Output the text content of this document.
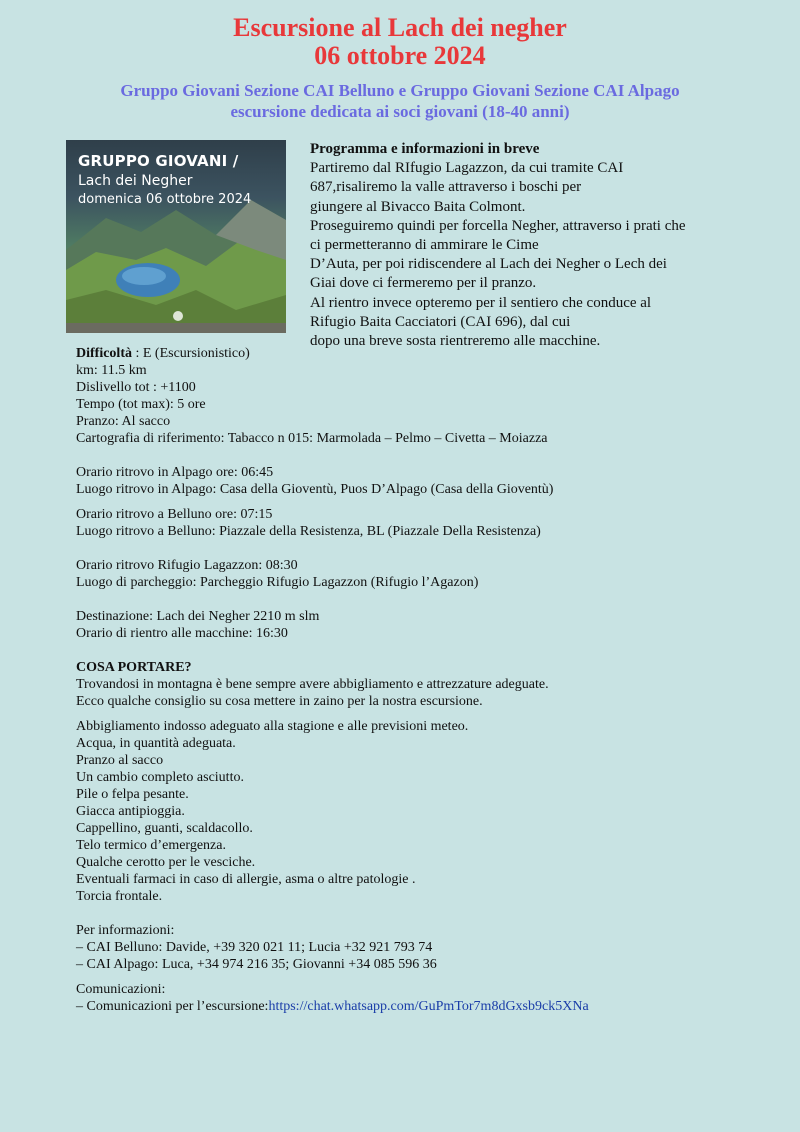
Escursione al Lach dei negher
06 ottobre 2024
Gruppo Giovani Sezione CAI Belluno e Gruppo Giovani Sezione CAI Alpago
escursione dedicata ai soci giovani (18-40 anni)
GRUPPO GIOVANI /
Lach dei Negher
domenica 06 ottobre 2024
Programma e informazioni in breve
Partiremo dal RIfugio Lagazzon, da cui tramite CAI
687,risaliremo la valle attraverso i boschi per
giungere al Bivacco Baita Colmont.
Proseguiremo quindi per forcella Negher, attraverso i prati che
ci permetteranno di ammirare le Cime
D’Auta, per poi ridiscendere al Lach dei Negher o Lech dei
Giai dove ci fermeremo per il pranzo.
Al rientro invece opteremo per il sentiero che conduce al
Rifugio Baita Cacciatori (CAI 696), dal cui
dopo una breve sosta rientreremo alle macchine.

Difficoltà : E (Escursionistico)

km: 11.5 km

Dislivello tot : +1100

Tempo (tot max): 5 ore

Pranzo: Al sacco

Cartografia di riferimento: Tabacco n 015: Marmolada – Pelmo – Civetta – Moiazza

Orario ritrovo in Alpago ore: 06:45

Luogo ritrovo in Alpago: Casa della Gioventù, Puos D’Alpago (Casa della Gioventù)

Orario ritrovo a Belluno ore: 07:15

Luogo ritrovo a Belluno: Piazzale della Resistenza, BL (Piazzale Della Resistenza)

Orario ritrovo Rifugio Lagazzon: 08:30

Luogo di parcheggio: Parcheggio Rifugio Lagazzon (Rifugio l’Agazon)

Destinazione: Lach dei Negher 2210 m slm

Orario di rientro alle macchine: 16:30

COSA PORTARE?

Trovandosi in montagna è bene sempre avere abbigliamento e attrezzature adeguate.

Ecco qualche consiglio su cosa mettere in zaino per la nostra escursione.

Abbigliamento indosso adeguato alla stagione e alle previsioni meteo.

Acqua, in quantità adeguata.

Pranzo al sacco

Un cambio completo asciutto.

Pile o felpa pesante.

Giacca antipioggia.

Cappellino, guanti, scaldacollo.

Telo termico d’emergenza.

Qualche cerotto per le vesciche.

Eventuali farmaci in caso di allergie, asma o altre patologie .

Torcia frontale.

Per informazioni:

– CAI Belluno: Davide, +39 320 021 11; Lucia +32 921 793 74

– CAI Alpago: Luca, +34 974 216 35; Giovanni +34 085 596 36

Comunicazioni:

– Comunicazioni per l’escursione:https://chat.whatsapp.com/GuPmTor7m8dGxsb9ck5XNa
